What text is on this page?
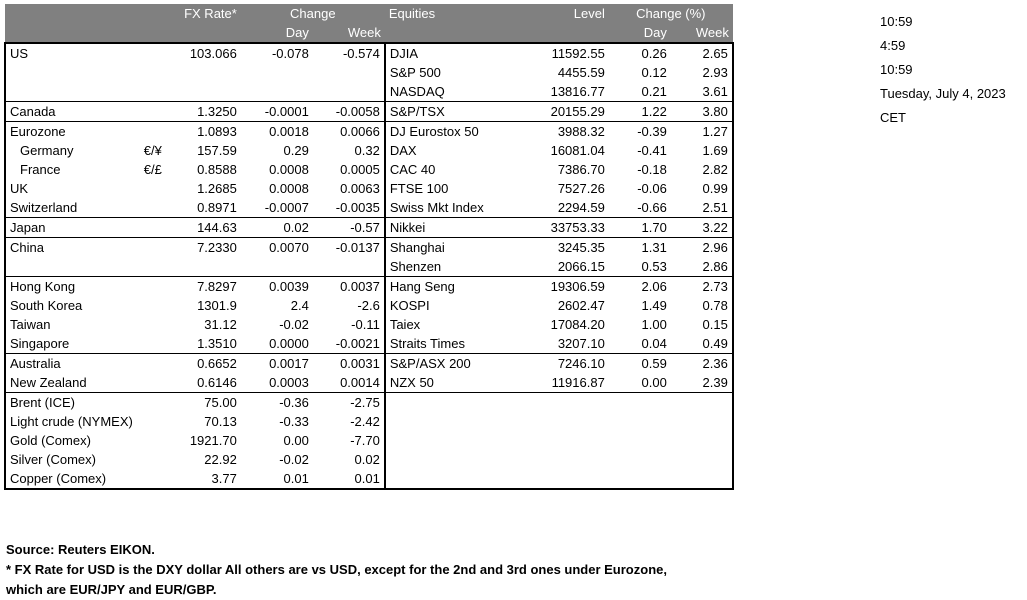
		FX Rate*	Change		Equities	Level	Change (%)	
			Day	Week			Day	Week
US		103.066	-0.078	-0.574	DJIA	11592.55	0.26	2.65
					S&P 500	4455.59	0.12	2.93
					NASDAQ	13816.77	0.21	3.61
Canada		1.3250	-0.0001	-0.0058	S&P/TSX	20155.29	1.22	3.80
Eurozone		1.0893	0.0018	0.0066	DJ Eurostox 50	3988.32	-0.39	1.27
Germany	€/¥	157.59	0.29	0.32	DAX	16081.04	-0.41	1.69
France	€/£	0.8588	0.0008	0.0005	CAC 40	7386.70	-0.18	2.82
UK		1.2685	0.0008	0.0063	FTSE 100	7527.26	-0.06	0.99
Switzerland		0.8971	-0.0007	-0.0035	Swiss Mkt Index	2294.59	-0.66	2.51
Japan		144.63	0.02	-0.57	Nikkei	33753.33	1.70	3.22
China		7.2330	0.0070	-0.0137	Shanghai	3245.35	1.31	2.96
					Shenzen	2066.15	0.53	2.86
Hong Kong		7.8297	0.0039	0.0037	Hang Seng	19306.59	2.06	2.73
South Korea		1301.9	2.4	-2.6	KOSPI	2602.47	1.49	0.78
Taiwan		31.12	-0.02	-0.11	Taiex	17084.20	1.00	0.15
Singapore		1.3510	0.0000	-0.0021	Straits Times	3207.10	0.04	0.49
Australia		0.6652	0.0017	0.0031	S&P/ASX 200	7246.10	0.59	2.36
New Zealand		0.6146	0.0003	0.0014	NZX 50	11916.87	0.00	2.39
Brent (ICE)		75.00	-0.36	-2.75				
Light crude (NYMEX)		70.13	-0.33	-2.42				
Gold (Comex)		1921.70	0.00	-7.70				
Silver (Comex)		22.92	-0.02	0.02				
Copper (Comex)		3.77	0.01	0.01				
Source: Reuters EIKON.
* FX Rate for USD is the DXY dollar All others are vs USD, except for the 2nd and 3rd ones under Eurozone,
which are EUR/JPY and EUR/GBP.
10:59
4:59
10:59
Tuesday, July 4, 2023
CET
